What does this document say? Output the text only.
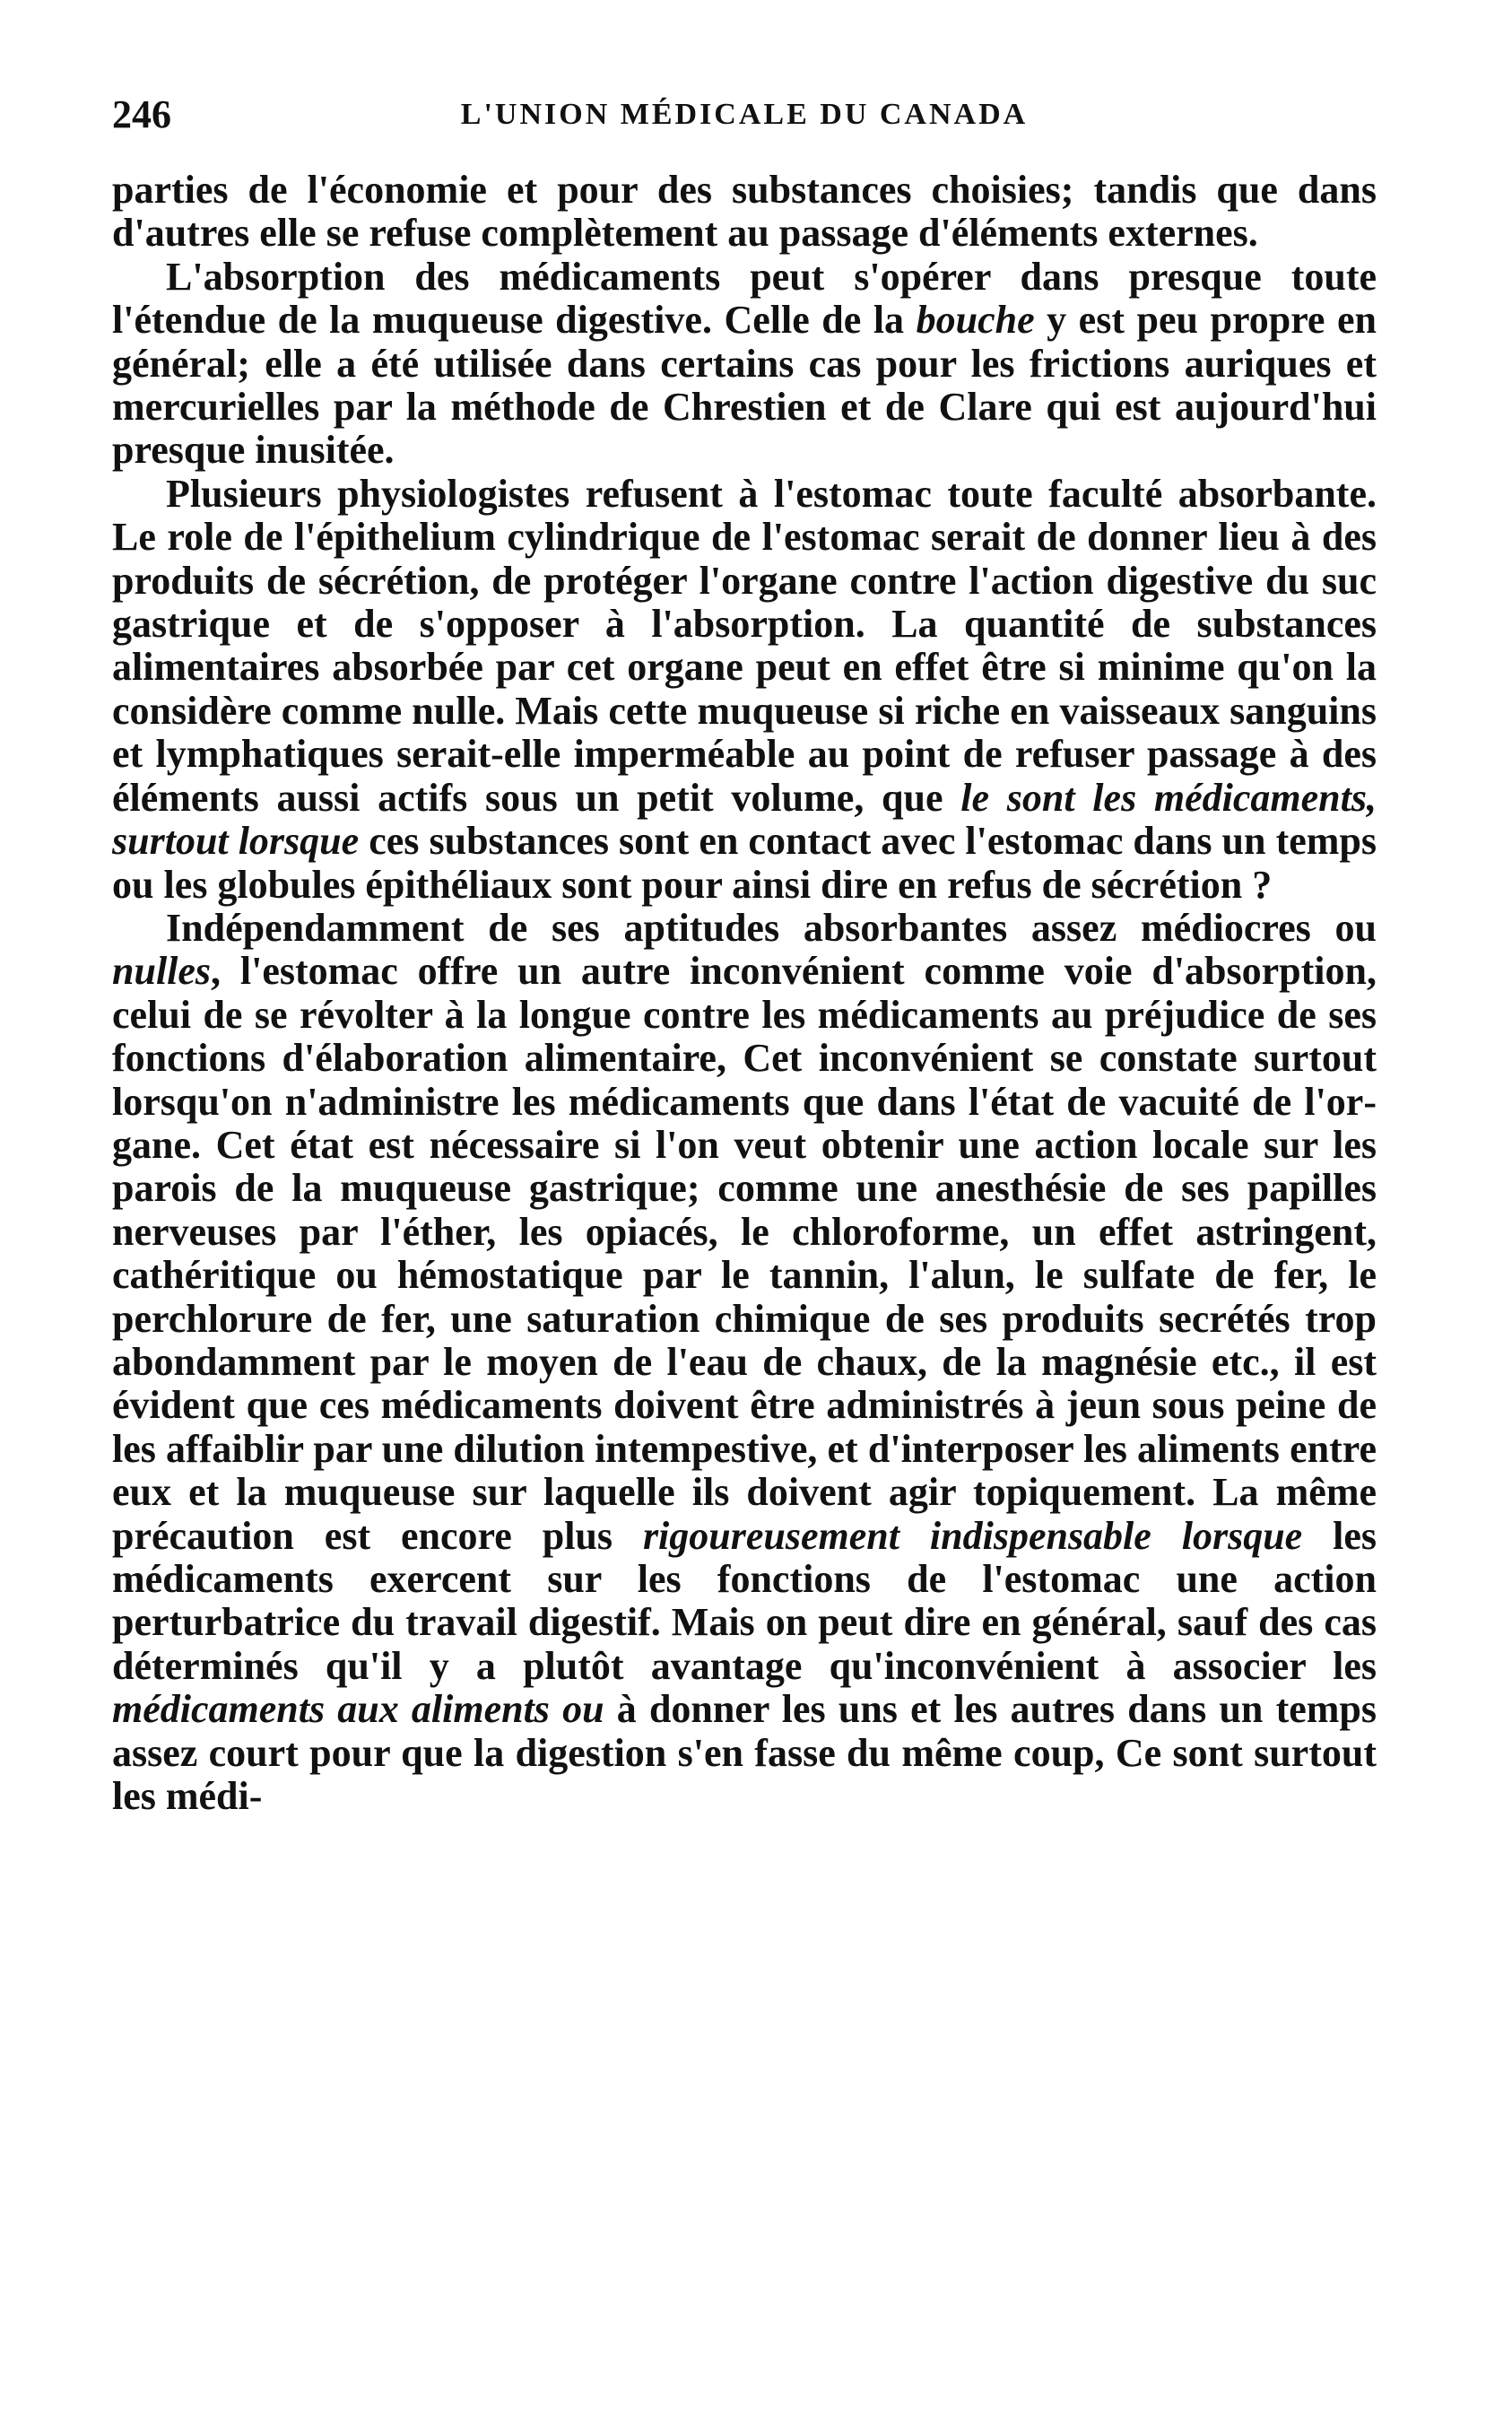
246	L'UNION MÉDICALE DU CANADA

parties de l'économie et pour des substances choisies; tandis que dans d'autres elle se refuse complètement au passage d'éléments externes.

L'absorption des médicaments peut s'opérer dans presque toute l'étendue de la muqueuse digestive. Celle de la bouche y est peu propre en général; elle a été utilisée dans certains cas pour les frictions auriques et mercurielles par la méthode de Chrestien et de Clare qui est aujourd'hui presque inusitée.

Plusieurs physiologistes refusent à l'estomac toute faculté absorbante. Le role de l'épithelium cylindrique de l'estomac serait de donner lieu à des produits de sécrétion, de protéger l'organe contre l'action digestive du suc gastrique et de s'opposer à l'absorption. La quantité de substances alimentaires absorbée par cet organe peut en effet être si minime qu'on la considère comme nulle. Mais cette muqueuse si riche en vaisseaux sanguins et lymphatiques serait-elle imperméable au point de refuser passage à des éléments aussi actifs sous un petit volume, que le sont les médicaments, surtout lorsque ces substances sont en contact avec l'estomac dans un temps ou les globules épithéliaux sont pour ainsi dire en refus de sécrétion ?

Indépendamment de ses aptitudes absorbantes assez médiocres ou nulles, l'estomac offre un autre inconvénient comme voie d'absorption, celui de se révolter à la longue contre les médicaments au préjudice de ses fonctions d'élaboration alimentaire, Cet inconvénient se constate surtout lorsqu'on n'administre les médicaments que dans l'état de vacuité de l'organe. Cet état est nécessaire si l'on veut obtenir une action locale sur les parois de la muqueuse gastrique; comme une anesthésie de ses papilles nerveuses par l'éther, les opiacés, le chloroforme, un effet astringent, cathéritique ou hémostatique par le tannin, l'alun, le sulfate de fer, le perchlorure de fer, une saturation chimique de ses produits secrétés trop abondamment par le moyen de l'eau de chaux, de la magnésie etc., il est évident que ces médicaments doivent être administrés à jeun sous peine de les affaiblir par une dilution intempestive, et d'interposer les aliments entre eux et la muqueuse sur laquelle ils doivent agir topiquement. La même précaution est encore plus rigoureusement indispensable lorsque les médicaments exercent sur les fonctions de l'estomac une action perturbatrice du travail digestif. Mais on peut dire en général, sauf des cas déterminés qu'il y a plutôt avantage qu'inconvénient à associer les médicaments aux aliments ou à donner les uns et les autres dans un temps assez court pour que la digestion s'en fasse du même coup, Ce sont surtout les médi-
